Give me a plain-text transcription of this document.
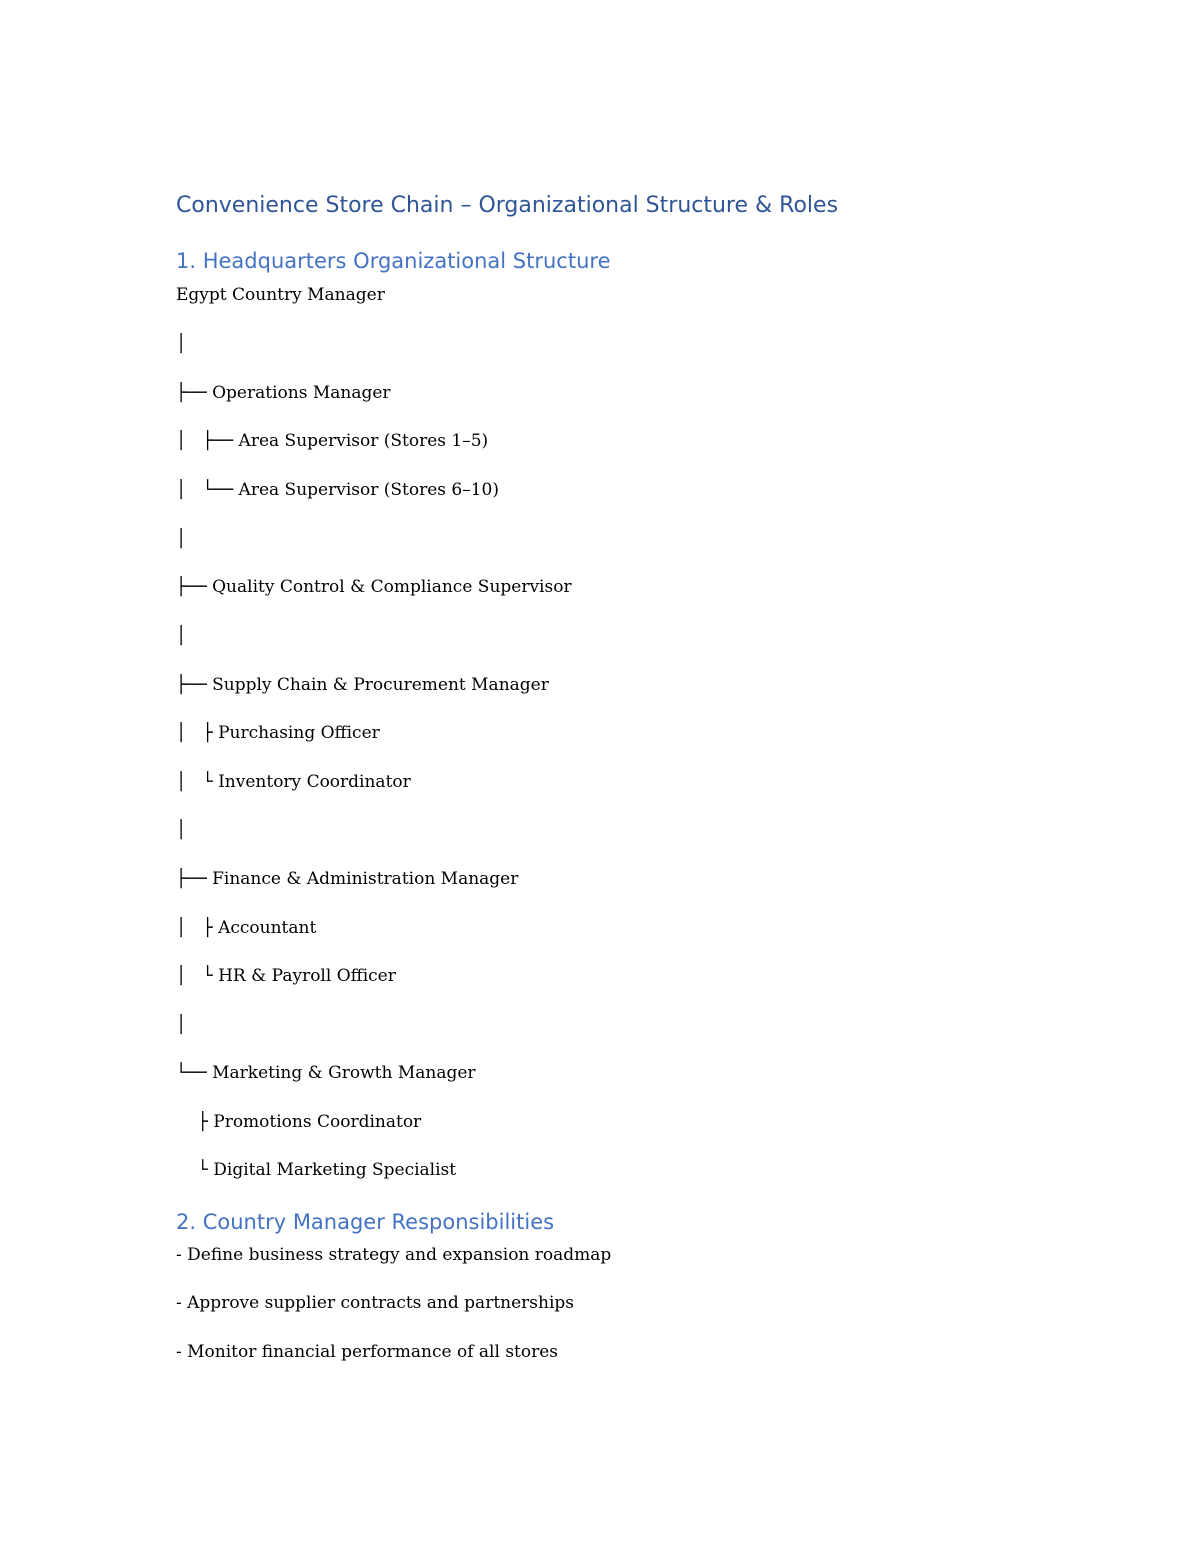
Convenience Store Chain – Organizational Structure & Roles
1. Headquarters Organizational Structure

Egypt Country Manager

│

├── Operations Manager

│   ├── Area Supervisor (Stores 1–5)

│   └── Area Supervisor (Stores 6–10)

│

├── Quality Control & Compliance Supervisor

│

├── Supply Chain & Procurement Manager

│   ├ Purchasing Officer

│   └ Inventory Coordinator

│

├── Finance & Administration Manager

│   ├ Accountant

│   └ HR & Payroll Officer

│

└── Marketing & Growth Manager

├ Promotions Coordinator

└ Digital Marketing Specialist

2. Country Manager Responsibilities

- Define business strategy and expansion roadmap

- Approve supplier contracts and partnerships

- Monitor financial performance of all stores
